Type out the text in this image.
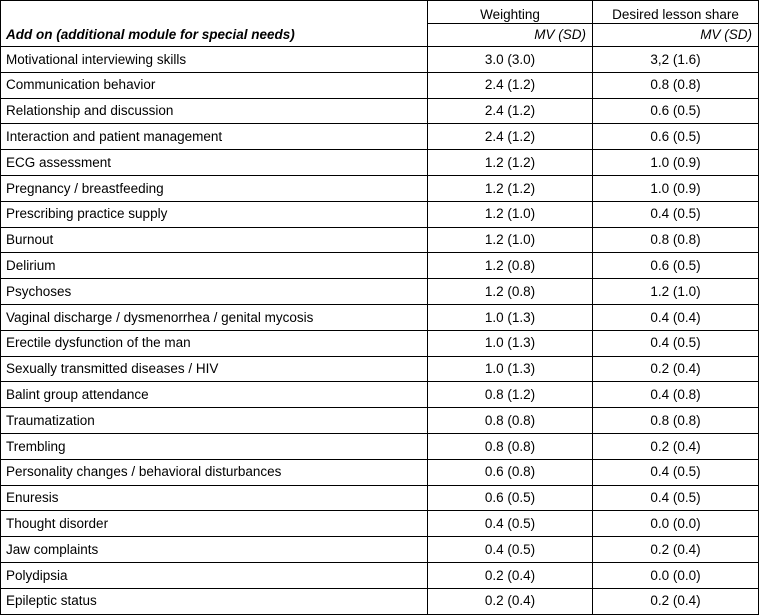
	Weighting	Desired lesson share
Add on (additional module for special needs)	MV (SD)	MV (SD)
Motivational interviewing skills	3.0 (3.0)	3,2 (1.6)
Communication behavior	2.4 (1.2)	0.8 (0.8)
Relationship and discussion	2.4 (1.2)	0.6 (0.5)
Interaction and patient management	2.4 (1.2)	0.6 (0.5)
ECG assessment	1.2 (1.2)	1.0 (0.9)
Pregnancy / breastfeeding	1.2 (1.2)	1.0 (0.9)
Prescribing practice supply	1.2 (1.0)	0.4 (0.5)
Burnout	1.2 (1.0)	0.8 (0.8)
Delirium	1.2 (0.8)	0.6 (0.5)
Psychoses	1.2 (0.8)	1.2 (1.0)
Vaginal discharge / dysmenorrhea / genital mycosis	1.0 (1.3)	0.4 (0.4)
Erectile dysfunction of the man	1.0 (1.3)	0.4 (0.5)
Sexually transmitted diseases / HIV	1.0 (1.3)	0.2 (0.4)
Balint group attendance	0.8 (1.2)	0.4 (0.8)
Traumatization	0.8 (0.8)	0.8 (0.8)
Trembling	0.8 (0.8)	0.2 (0.4)
Personality changes / behavioral disturbances	0.6 (0.8)	0.4 (0.5)
Enuresis	0.6 (0.5)	0.4 (0.5)
Thought disorder	0.4 (0.5)	0.0 (0.0)
Jaw complaints	0.4 (0.5)	0.2 (0.4)
Polydipsia	0.2 (0.4)	0.0 (0.0)
Epileptic status	0.2 (0.4)	0.2 (0.4)
